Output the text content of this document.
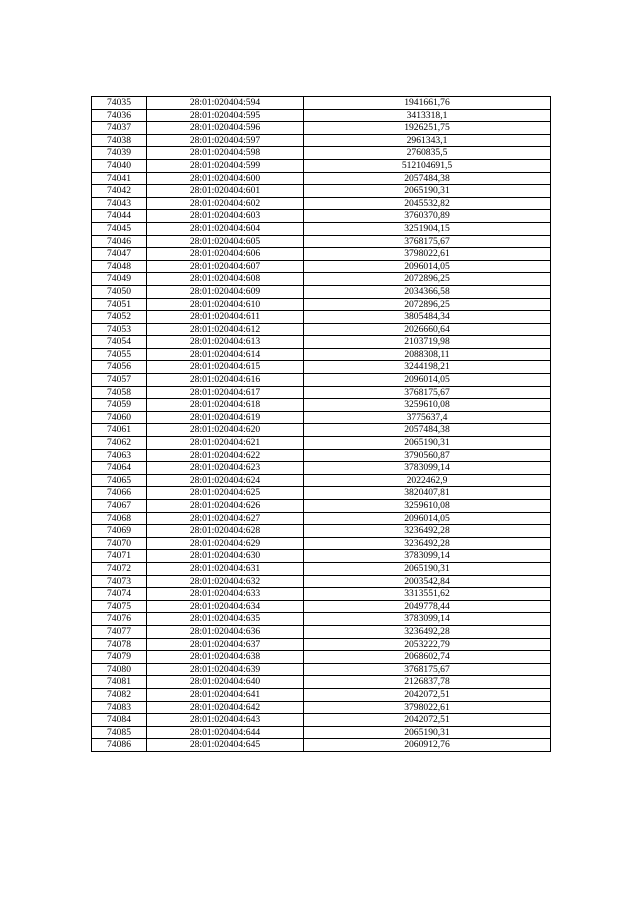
74035	28:01:020404:594	1941661,76
74036	28:01:020404:595	3413318,1
74037	28:01:020404:596	1926251,75
74038	28:01:020404:597	2961343,1
74039	28:01:020404:598	2760835,5
74040	28:01:020404:599	512104691,5
74041	28:01:020404:600	2057484,38
74042	28:01:020404:601	2065190,31
74043	28:01:020404:602	2045532,82
74044	28:01:020404:603	3760370,89
74045	28:01:020404:604	3251904,15
74046	28:01:020404:605	3768175,67
74047	28:01:020404:606	3798022,61
74048	28:01:020404:607	2096014,05
74049	28:01:020404:608	2072896,25
74050	28:01:020404:609	2034366,58
74051	28:01:020404:610	2072896,25
74052	28:01:020404:611	3805484,34
74053	28:01:020404:612	2026660,64
74054	28:01:020404:613	2103719,98
74055	28:01:020404:614	2088308,11
74056	28:01:020404:615	3244198,21
74057	28:01:020404:616	2096014,05
74058	28:01:020404:617	3768175,67
74059	28:01:020404:618	3259610,08
74060	28:01:020404:619	3775637,4
74061	28:01:020404:620	2057484,38
74062	28:01:020404:621	2065190,31
74063	28:01:020404:622	3790560,87
74064	28:01:020404:623	3783099,14
74065	28:01:020404:624	2022462,9
74066	28:01:020404:625	3820407,81
74067	28:01:020404:626	3259610,08
74068	28:01:020404:627	2096014,05
74069	28:01:020404:628	3236492,28
74070	28:01:020404:629	3236492,28
74071	28:01:020404:630	3783099,14
74072	28:01:020404:631	2065190,31
74073	28:01:020404:632	2003542,84
74074	28:01:020404:633	3313551,62
74075	28:01:020404:634	2049778,44
74076	28:01:020404:635	3783099,14
74077	28:01:020404:636	3236492,28
74078	28:01:020404:637	2053222,79
74079	28:01:020404:638	2068602,74
74080	28:01:020404:639	3768175,67
74081	28:01:020404:640	2126837,78
74082	28:01:020404:641	2042072,51
74083	28:01:020404:642	3798022,61
74084	28:01:020404:643	2042072,51
74085	28:01:020404:644	2065190,31
74086	28:01:020404:645	2060912,76
